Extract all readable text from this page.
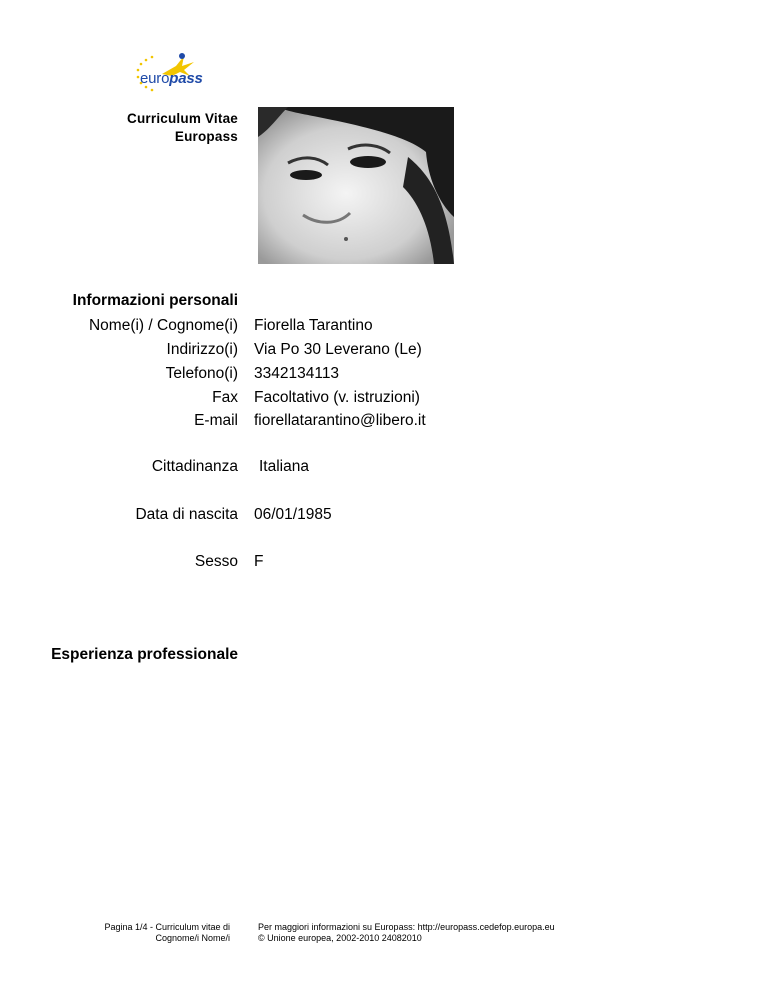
europass
Curriculum Vitae
Europass
Informazioni personali
Nome(i) / Cognome(i) Fiorella Tarantino
Indirizzo(i) Via Po 30 Leverano (Le)
Telefono(i) 3342134113
Fax Facoltativo (v. istruzioni)
E-mail fiorellatarantino@libero.it
Cittadinanza Italiana
Data di nascita 06/01/1985
Sesso F
Esperienza professionale
Pagina 1/4 - Curriculum vitae di
Cognome/i Nome/i
Per maggiori informazioni su Europass: http://europass.cedefop.europa.eu
© Unione europea, 2002-2010 24082010
